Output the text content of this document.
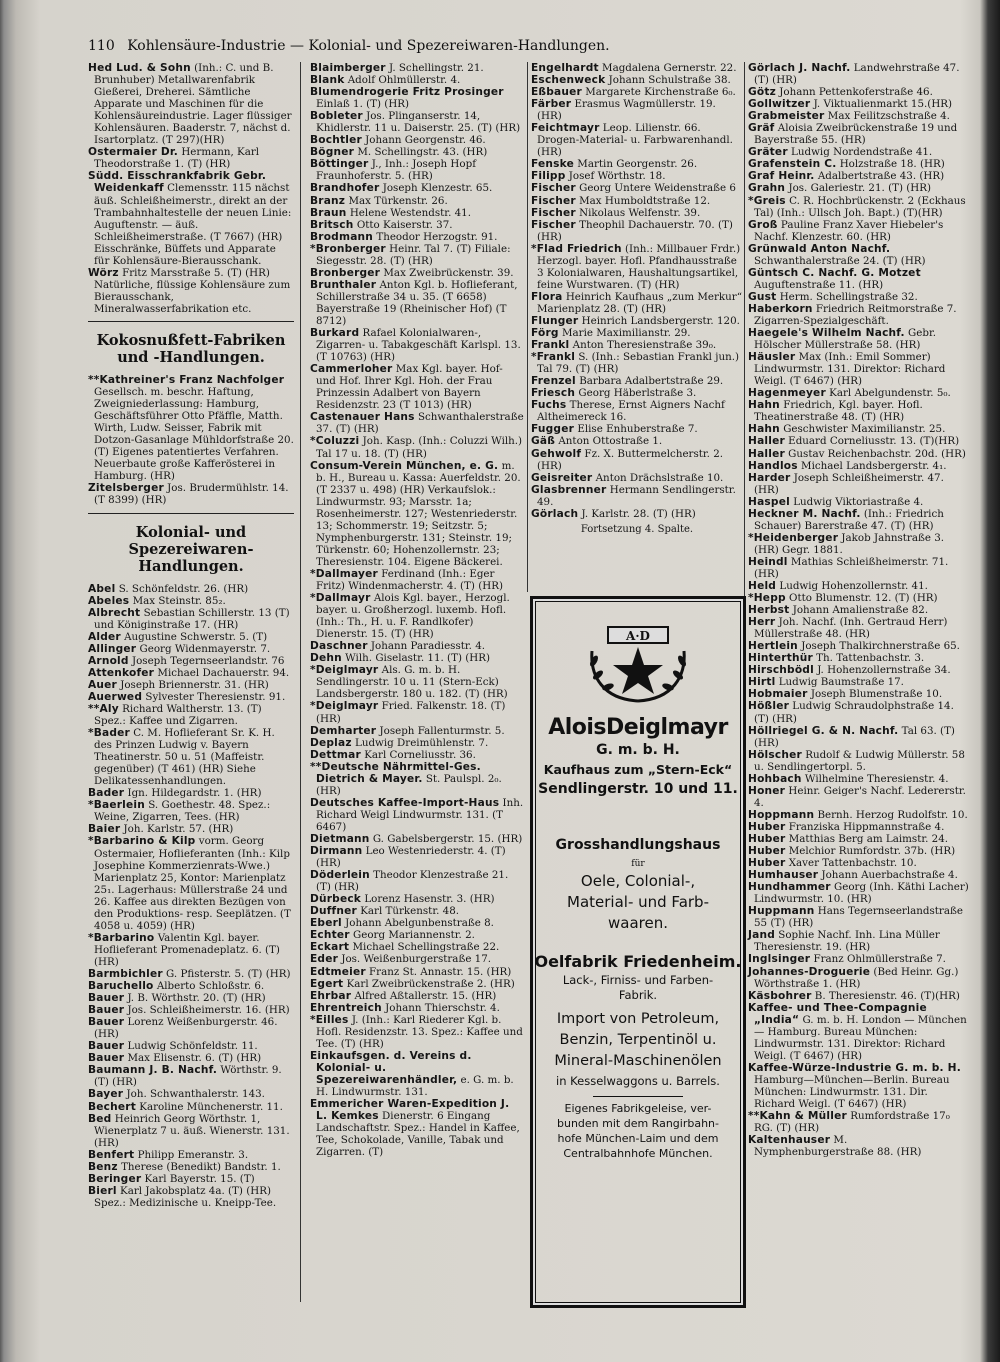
110 Kohlensäure-Industrie — Kolonial- und Spezereiwaren-Handlungen.

Hed Lud. & Sohn (Inh.: C. und B. Brunhuber) Metallwarenfabrik Gießerei, Dreherei. Sämtliche Apparate und Maschinen für die Kohlensäureindustrie. Lager flüssiger Kohlensäuren. Baaderstr. 7, nächst d. Isartorplatz. (T 297)(HR)

Ostermaier Dr. Hermann, Karl Theodorstraße 1. (T) (HR)

Südd. Eisschrankfabrik Gebr. Weidenkaff Clemensstr. 115 nächst äuß. Schleißheimerstr., direkt an der Trambahnhaltestelle der neuen Linie: Auguftenstr. — äuß. Schleißheimerstraße. (T 7667) (HR) Eisschränke, Büffets und Apparate für Kohlensäure-Bierausschank.

Wörz Fritz Marsstraße 5. (T) (HR) Natürliche, flüssige Kohlensäure zum Bierausschank, Mineralwasserfabrikation etc.

Kokosnußfett-Fabriken und -Handlungen.

**Kathreiner's Franz Nachfolger Gesellsch. m. beschr. Haftung, Zweigniederlassung: Hamburg, Geschäftsführer Otto Pfäffle, Matth. Wirth, Ludw. Seisser, Fabrik mit Dotzon-Gasanlage Mühldorfstraße 20. (T) Eigenes patentiertes Verfahren. Neuerbaute große Kafferösterei in Hamburg. (HR)

Zitelsberger Jos. Brudermühlstr. 14. (T 8399) (HR)

Kolonial- und Spezereiwaren-Handlungen.

Abel S. Schönfeldstr. 26. (HR)

Abeles Max Steinstr. 85₂.

Albrecht Sebastian Schillerstr. 13 (T) und Königinstraße 17. (HR)

Alder Augustine Schwerstr. 5. (T)

Allinger Georg Widenmayerstr. 7.

Arnold Joseph Tegernseerlandstr. 76

Attenkofer Michael Dachauerstr. 94.

Auer Joseph Briennerstr. 31. (HR)

Auerwed Sylvester Theresienstr. 91.

**Aly Richard Waltherstr. 13. (T) Spez.: Kaffee und Zigarren.

*Bader C. M. Hoflieferant Sr. K. H. des Prinzen Ludwig v. Bayern Theatinerstr. 50 u. 51 (Maffeistr. gegenüber) (T 461) (HR) Siehe Delikatessenhandlungen.

Bader Ign. Hildegardstr. 1. (HR)

*Baerlein S. Goethestr. 48. Spez.: Weine, Zigarren, Tees. (HR)

Baier Joh. Karlstr. 57. (HR)

*Barbarino & Kilp vorm. Georg Ostermaier, Hoflieferanten (Inh.: Kilp Josephine Kommerzienrats-Wwe.) Marienplatz 25, Kontor: Marienplatz 25₁. Lagerhaus: Müllerstraße 24 und 26. Kaffee aus direkten Bezügen von den Produktions- resp. Seeplätzen. (T 4058 u. 4059) (HR)

*Barbarino Valentin Kgl. bayer. Hoflieferant Promenadeplatz. 6. (T) (HR)

Barmbichler G. Pfisterstr. 5. (T) (HR)

Baruchello Alberto Schloßstr. 6.

Bauer J. B. Wörthstr. 20. (T) (HR)

Bauer Jos. Schleißheimerstr. 16. (HR)

Bauer Lorenz Weißenburgerstr. 46. (HR)

Bauer Ludwig Schönfeldstr. 11.

Bauer Max Elisenstr. 6. (T) (HR)

Baumann J. B. Nachf. Wörthstr. 9. (T) (HR)

Bayer Joh. Schwanthalerstr. 143.

Bechert Karoline Münchenerstr. 11.

Bed Heinrich Georg Wörthstr. 1, Wienerplatz 7 u. äuß. Wienerstr. 131. (HR)

Benfert Philipp Emeranstr. 3.

Benz Therese (Benedikt) Bandstr. 1.

Beringer Karl Bayerstr. 15. (T)

Bierl Karl Jakobsplatz 4a. (T) (HR) Spez.: Medizinische u. Kneipp-Tee.

Blaimberger J. Schellingstr. 21.

Blank Adolf Ohlmüllerstr. 4.

Blumendrogerie Fritz Prosinger Einlaß 1. (T) (HR)

Bobleter Jos. Plinganserstr. 14, Khidlerstr. 11 u. Daiserstr. 25. (T) (HR)

Bochtler Johann Georgenstr. 46.

Bögner M. Schellingstr. 43. (HR)

Böttinger J., Inh.: Joseph Hopf Fraunhoferstr. 5. (HR)

Brandhofer Joseph Klenzestr. 65.

Branz Max Türkenstr. 26.

Braun Helene Westendstr. 41.

Britsch Otto Kaiserstr. 37.

Brodmann Theodor Herzogstr. 91.

*Bronberger Heinr. Tal 7. (T) Filiale: Siegesstr. 28. (T) (HR)

Bronberger Max Zweibrückenstr. 39.

Brunthaler Anton Kgl. b. Hoflieferant, Schillerstraße 34 u. 35. (T 6658) Bayerstraße 19 (Rheinischer Hof) (T 8712)

Burkard Rafael Kolonialwaren-, Zigarren- u. Tabakgeschäft Karlspl. 13. (T 10763) (HR)

Cammerloher Max Kgl. bayer. Hof- und Hof. Ihrer Kgl. Hoh. der Frau Prinzessin Adalbert von Bayern Residenzstr. 23 (T 1013) (HR)

Castenauer Hans Schwanthalerstraße 37. (T) (HR)

*Coluzzi Joh. Kasp. (Inh.: Coluzzi Wilh.) Tal 17 u. 18. (T) (HR)

Consum-Verein München, e. G. m. b. H., Bureau u. Kassa: Auerfeldstr. 20. (T 2337 u. 498) (HR) Verkaufslok.: Lindwurmstr. 93; Marsstr. 1a; Rosenheimerstr. 127; Westenriederstr. 13; Schommerstr. 19; Seitzstr. 5; Nymphenburgerstr. 131; Steinstr. 19; Türkenstr. 60; Hohenzollernstr. 23; Theresienstr. 104. Eigene Bäckerei.

*Dallmayer Ferdinand (Inh.: Eger Fritz) Windenmacherstr. 4. (T) (HR)

*Dallmayr Alois Kgl. bayer., Herzogl. bayer. u. Großherzogl. luxemb. Hofl. (Inh.: Th., H. u. F. Randlkofer) Dienerstr. 15. (T) (HR)

Daschner Johann Paradiesstr. 4.

Dehn Wilh. Giselastr. 11. (T) (HR)

*Deiglmayr Als. G. m. b. H. Sendlingerstr. 10 u. 11 (Stern-Eck) Landsbergerstr. 180 u. 182. (T) (HR)

*Deiglmayr Fried. Falkenstr. 18. (T) (HR)

Demharter Joseph Fallenturmstr. 5.

Deplaz Ludwig Dreimühlenstr. 7.

Dettmar Karl Corneliusstr. 36.

**Deutsche Nährmittel-Ges. Dietrich & Mayer. St. Paulspl. 2₀. (HR)

Deutsches Kaffee-Import-Haus Inh. Richard Weigl Lindwurmstr. 131. (T 6467)

Dietmann G. Gabelsbergerstr. 15. (HR)

Dirmann Leo Westenriederstr. 4. (T)(HR)

Döderlein Theodor Klenzestraße 21. (T) (HR)

Dürbeck Lorenz Hasenstr. 3. (HR)

Duffner Karl Türkenstr. 48.

Eberl Johann Abelgunbenstraße 8.

Echter Georg Mariannenstr. 2.

Eckart Michael Schellingstraße 22.

Eder Jos. Weißenburgerstraße 17.

Edtmeier Franz St. Annastr. 15. (HR)

Egert Karl Zweibrückenstraße 2. (HR)

Ehrbar Alfred Aßtallerstr. 15. (HR)

Ehrentreich Johann Thierschstr. 4.

*Eilles J. (Inh.: Karl Riederer Kgl. b. Hofl. Residenzstr. 13. Spez.: Kaffee und Tee. (T) (HR)

Einkaufsgen. d. Vereins d. Kolonial- u. Spezereiwarenhändler, e. G. m. b. H. Lindwurmstr. 131.

Emmericher Waren-Expedition J. L. Kemkes Dienerstr. 6 Eingang Landschaftstr. Spez.: Handel in Kaffee, Tee, Schokolade, Vanille, Tabak und Zigarren. (T)

Engelhardt Magdalena Gernerstr. 22.

Eschenweck Johann Schulstraße 38.

Eßbauer Margarete Kirchenstraße 6₀.

Färber Erasmus Wagmüllerstr. 19. (HR)

Feichtmayr Leop. Lilienstr. 66. Drogen-Material- u. Farbwarenhandl. (HR)

Fenske Martin Georgenstr. 26.

Filipp Josef Wörthstr. 18.

Fischer Georg Untere Weidenstraße 6

Fischer Max Humboldtstraße 12.

Fischer Nikolaus Welfenstr. 39.

Fischer Theophil Dachauerstr. 70. (T)(HR)

*Flad Friedrich (Inh.: Millbauer Frdr.) Herzogl. bayer. Hofl. Pfandhausstraße 3 Kolonialwaren, Haushaltungsartikel, feine Wurstwaren. (T) (HR)

Flora Heinrich Kaufhaus „zum Merkur“ Marienplatz 28. (T) (HR)

Flunger Heinrich Landsbergerstr. 120.

Förg Marie Maximilianstr. 29.

Frankl Anton Theresienstraße 39₀.

*Frankl S. (Inh.: Sebastian Frankl jun.) Tal 79. (T) (HR)

Frenzel Barbara Adalbertstraße 29.

Friesch Georg Häberlstraße 3.

Fuchs Therese, Ernst Aigners Nachf Altheimereck 16.

Fugger Elise Enhuberstraße 7.

Gäß Anton Ottostraße 1.

Gehwolf Fz. X. Buttermelcherstr. 2. (HR)

Geisreiter Anton Drächslstraße 10.

Glasbrenner Hermann Sendlingerstr. 49.

Görlach J. Karlstr. 28. (T) (HR)

Fortsetzung 4. Spalte.
A·D
AloisDeiglmayr
G. m. b. H.
Kaufhaus zum „Stern-Eck“
Sendlingerstr. 10 und 11.
Grosshandlungshaus
für
Oele, Colonial-,
Material- und Farb-
waaren.
Oelfabrik Friedenheim.
Lack-, Firniss- und Farben-
Fabrik.
Import von Petroleum,
Benzin, Terpentinöl u.
Mineral-Maschinenölen
in Kesselwaggons u. Barrels.
Eigenes Fabrikgeleise, ver-
bunden mit dem Rangirbahn-
hofe München-Laim und dem
Centralbahnhofe München.

Görlach J. Nachf. Landwehrstraße 47. (T) (HR)

Götz Johann Pettenkoferstraße 46.

Gollwitzer J. Viktualienmarkt 15.(HR)

Grabmeister Max Feilitzschstraße 4.

Gräf Aloisia Zweibrückenstraße 19 und Bayerstraße 55. (HR)

Gräter Ludwig Nordendstraße 41.

Grafenstein C. Holzstraße 18. (HR)

Graf Heinr. Adalbertstraße 43. (HR)

Grahn Jos. Galeriestr. 21. (T) (HR)

*Greis C. R. Hochbrückenstr. 2 (Eckhaus Tal) (Inh.: Ullsch Joh. Bapt.) (T)(HR)

Groß Pauline Franz Xaver Hiebeler's Nachf. Klenzestr. 60. (HR)

Grünwald Anton Nachf. Schwanthalerstraße 24. (T) (HR)

Güntsch C. Nachf. G. Motzet Auguftenstraße 11. (HR)

Gust Herm. Schellingstraße 32.

Haberkorn Friedrich Reitmorstraße 7. Zigarren-Spezialgeschäft.

Haegele's Wilhelm Nachf. Gebr. Hölscher Müllerstraße 58. (HR)

Häusler Max (Inh.: Emil Sommer) Lindwurmstr. 131. Direktor: Richard Weigl. (T 6467) (HR)

Hagenmeyer Karl Abelgundenstr. 5₀.

Hahn Friedrich, Kgl. bayer. Hofl. Theatinerstraße 48. (T) (HR)

Hahn Geschwister Maximilianstr. 25.

Haller Eduard Corneliusstr. 13. (T)(HR)

Haller Gustav Reichenbachstr. 20d. (HR)

Handlos Michael Landsbergerstr. 4₁.

Harder Joseph Schleißheimerstr. 47. (HR)

Haspel Ludwig Viktoriastraße 4.

Heckner M. Nachf. (Inh.: Friedrich Schauer) Barerstraße 47. (T) (HR)

*Heidenberger Jakob Jahnstraße 3. (HR) Gegr. 1881.

Heindl Mathias Schleißheimerstr. 71. (HR)

Held Ludwig Hohenzollernstr. 41.

*Hepp Otto Blumenstr. 12. (T) (HR)

Herbst Johann Amalienstraße 82.

Herr Joh. Nachf. (Inh. Gertraud Herr) Müllerstraße 48. (HR)

Hertlein Joseph Thalkirchnerstraße 65.

Hinterthür Th. Tattenbachstr. 3.

Hirschbödl J. Hohenzollernstraße 34.

Hirtl Ludwig Baumstraße 17.

Hobmaier Joseph Blumenstraße 10.

Hößler Ludwig Schraudolphstraße 14. (T) (HR)

Höllriegel G. & N. Nachf. Tal 63. (T) (HR)

Hölscher Rudolf & Ludwig Müllerstr. 58 u. Sendlingertorpl. 5.

Hohbach Wilhelmine Theresienstr. 4.

Honer Heinr. Geiger's Nachf. Ledererstr. 4.

Hoppmann Bernh. Herzog Rudolfstr. 10.

Huber Franziska Hippmannstraße 4.

Huber Matthias Berg am Laimstr. 24.

Huber Melchior Rumfordstr. 37b. (HR)

Huber Xaver Tattenbachstr. 10.

Humhauser Johann Auerbachstraße 4.

Hundhammer Georg (Inh. Käthi Lacher) Lindwurmstr. 10. (HR)

Huppmann Hans Tegernseerlandstraße 55 (T) (HR)

Jand Sophie Nachf. Inh. Lina Müller Theresienstr. 19. (HR)

Inglsinger Franz Ohlmüllerstraße 7.

Johannes-Droguerie (Bed Heinr. Gg.) Wörthstraße 1. (HR)

Käsbohrer B. Theresienstr. 46. (T)(HR)

Kaffee- und Thee-Compagnie „India“ G. m. b. H. London — München — Hamburg. Bureau München: Lindwurmstr. 131. Direktor: Richard Weigl. (T 6467) (HR)

Kaffee-Würze-Industrie G. m. b. H. Hamburg—München—Berlin. Bureau München: Lindwurmstr. 131. Dir. Richard Weigl. (T 6467) (HR)

**Kahn & Müller Rumfordstraße 17₀ RG. (T) (HR)

Kaltenhauser M. Nymphenburgerstraße 88. (HR)
